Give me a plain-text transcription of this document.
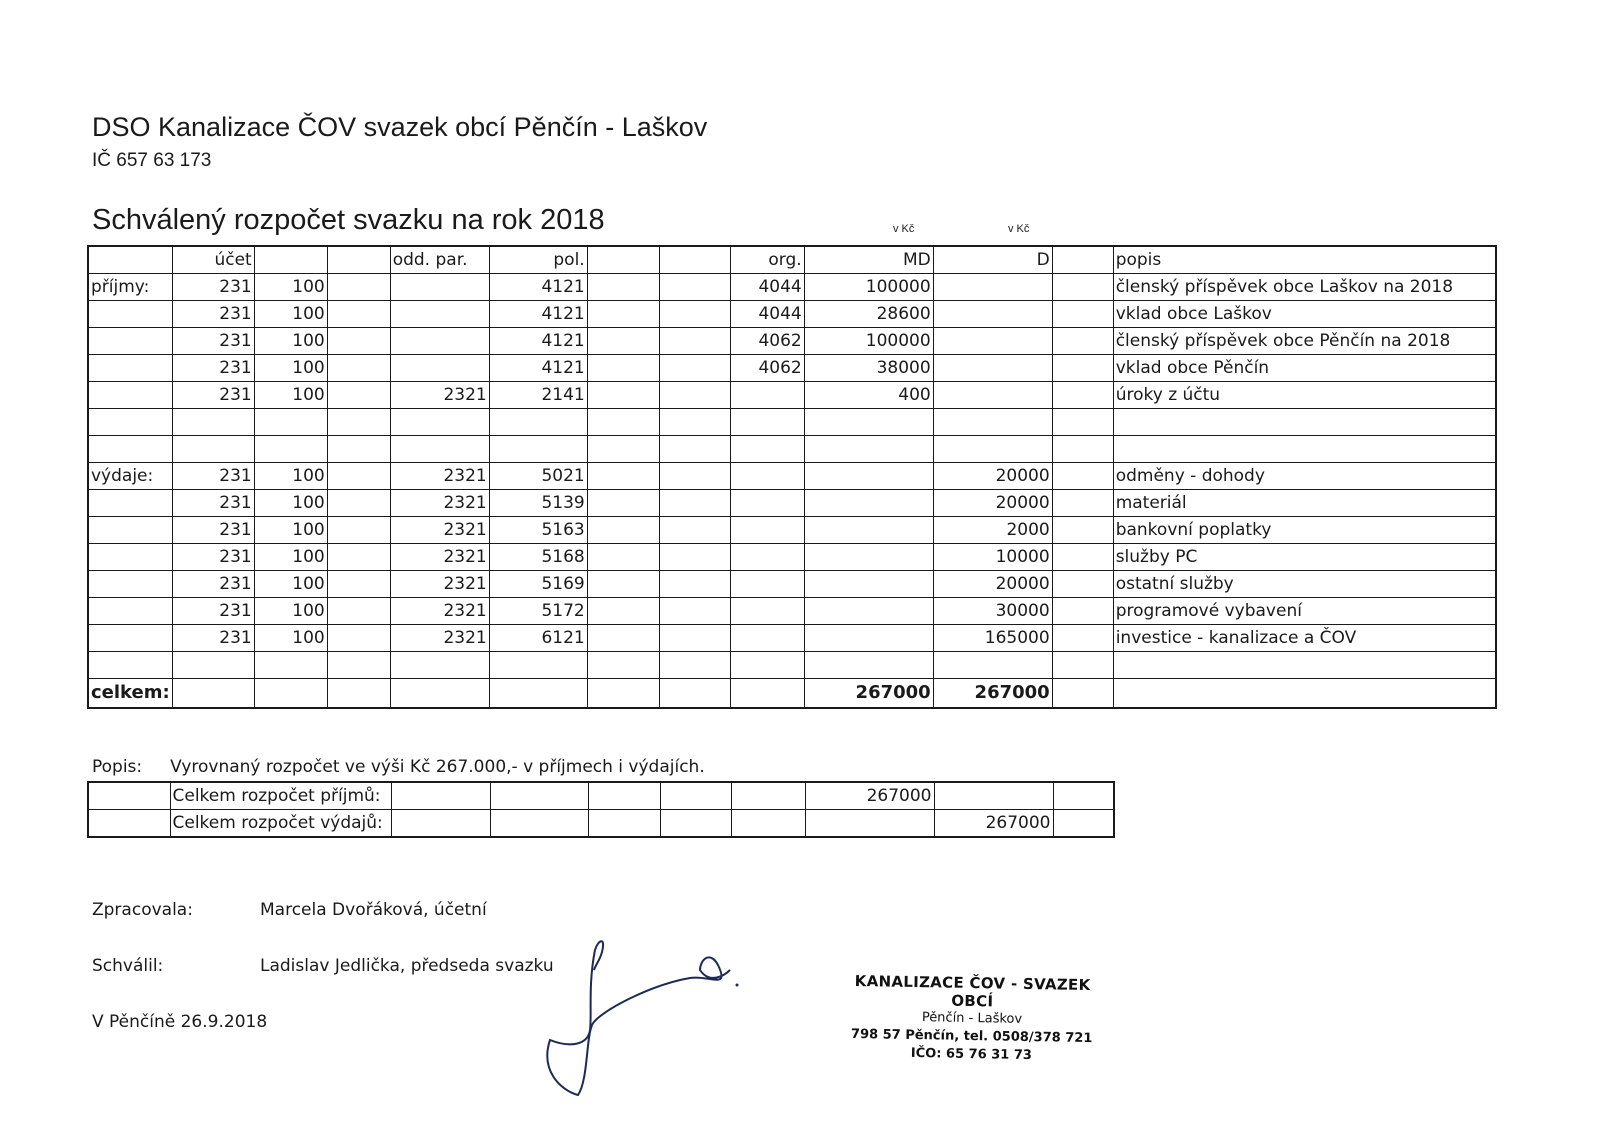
DSO Kanalizace ČOV svazek obcí Pěnčín - Laškov
IČ 657 63 173
Schválený rozpočet svazku na rok 2018	v Kč	v Kč
	účet			odd. par.	pol.			org.	MD	D		popis
příjmy:	231	100			4121			4044	100000			členský příspěvek obce Laškov na 2018
	231	100			4121			4044	28600			vklad obce Laškov
	231	100			4121			4062	100000			členský příspěvek obce Pěnčín na 2018
	231	100			4121			4062	38000			vklad obce Pěnčín
	231	100		2321	2141				400			úroky z účtu

výdaje:	231	100		2321	5021					20000		odměny - dohody
	231	100		2321	5139					20000		materiál
	231	100		2321	5163					2000		bankovní poplatky
	231	100		2321	5168					10000		služby PC
	231	100		2321	5169					20000		ostatní služby
	231	100		2321	5172					30000		programové vybavení
	231	100		2321	6121					165000		investice - kanalizace a ČOV

celkem:									267000	267000		
Popis: Vyrovnaný rozpočet ve výši Kč 267.000,- v příjmech i výdajích.
	Celkem rozpočet příjmů:						267000		
	Celkem rozpočet výdajů:							267000	
Zpracovala:	Marcela Dvořáková, účetní
Schválil:	Ladislav Jedlička, předseda svazku
V Pěnčíně 26.9.2018
KANALIZACE ČOV - SVAZEK OBCÍ
Pěnčín - Laškov
798 57 Pěnčín, tel. 0508/378 721
IČO: 65 76 31 73
